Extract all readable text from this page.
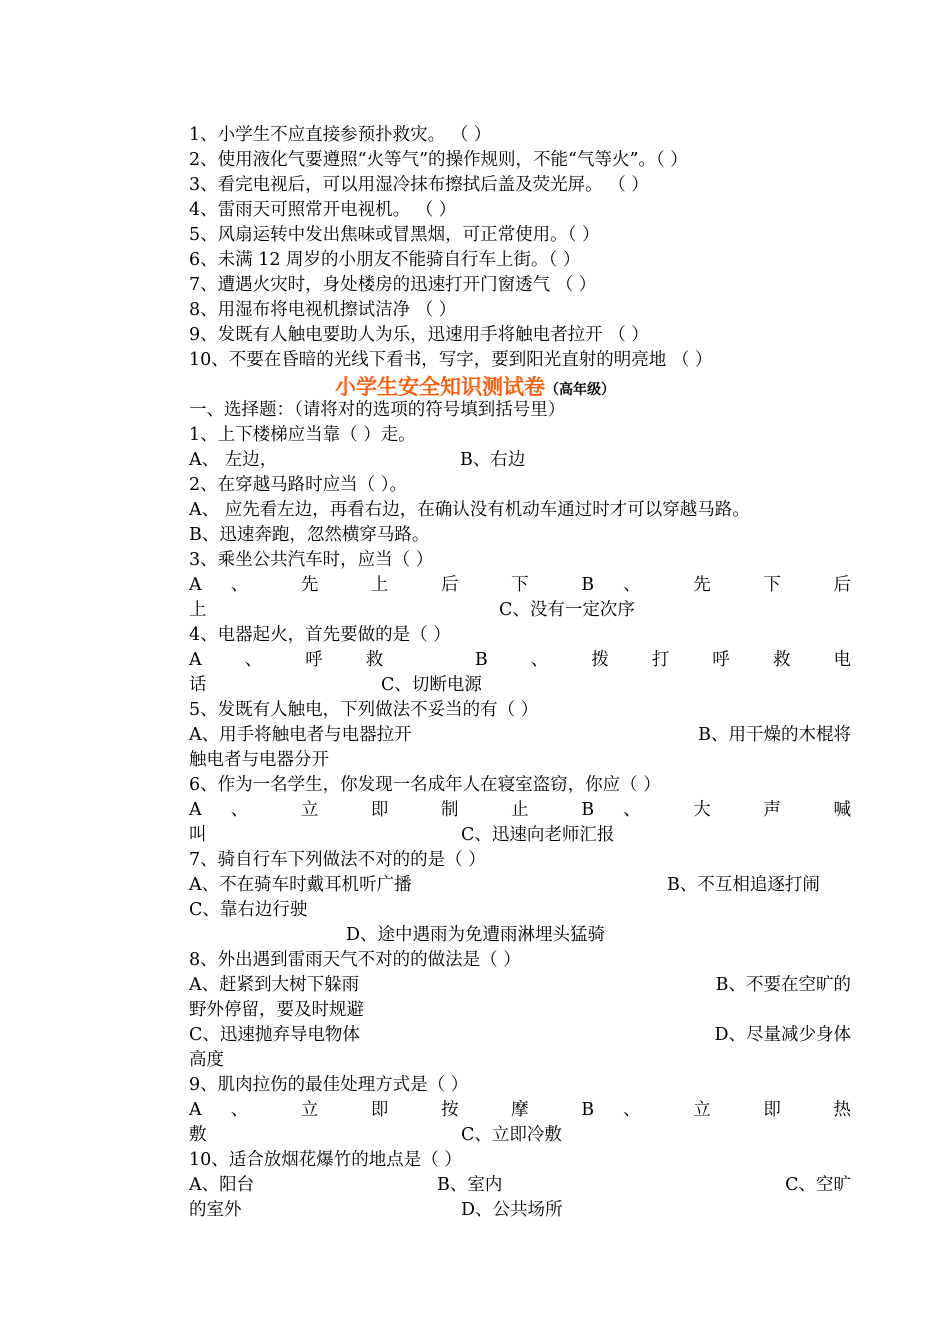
1、小学生不应直接参预扑救灾。 （ ）
2、使用液化气要遵照“火等气”的操作规则，不能“气等火”。（ ）
3、看完电视后，可以用湿冷抹布擦拭后盖及荧光屏。 （ ）
4、雷雨天可照常开电视机。 （ ）
5、风扇运转中发出焦味或冒黑烟，可正常使用。（ ）
6、未满 12 周岁的小朋友不能骑自行车上街。（ ）
7、遭遇火灾时，身处楼房的迅速打开门窗透气 （ ）
8、用湿布将电视机擦试洁净 （ ）
9、发既有人触电要助人为乐，迅速用手将触电者拉开 （ ）
10、不要在昏暗的光线下看书，写字，要到阳光直射的明亮地 （ ）
小学生安全知识测试卷（高年级）
一、选择题：（请将对的选项的符号填到括号里）
1、上下楼梯应当靠（ ）走。
A、 左边，	B、右边
2、在穿越马路时应当（ ）。
A、 应先看左边，再看右边，在确认没有机动车通过时才可以穿越马路。
B、迅速奔跑，忽然横穿马路。
3、乘坐公共汽车时，应当（ ）
A 、 先 上 后 下 B 、 先 下 后
上	C、没有一定次序
4、电器起火，首先要做的是（ ）
A、呼救 B、拨打呼救电
话	C、切断电源
5、发既有人触电，下列做法不妥当的有（ ）
A、用手将触电者与电器拉开	B、用干燥的木棍将
触电者与电器分开
6、作为一名学生，你发现一名成年人在寝室盗窃，你应（ ）
A 、 立 即 制 止 B 、 大 声 喊
叫	C、迅速向老师汇报
7、骑自行车下列做法不对的的是（ ）
A、不在骑车时戴耳机听广播	B、不互相追逐打闹
C、靠右边行驶
D、途中遇雨为免遭雨淋埋头猛骑
8、外出遇到雷雨天气不对的的做法是（ ）
A、赶紧到大树下躲雨	B、不要在空旷的
野外停留，要及时规避
C、迅速抛弃导电物体	D、尽量减少身体
高度
9、肌肉拉伤的最佳处理方式是（ ）
A 、 立 即 按 摩 B 、 立 即 热
敷	C、立即冷敷
10、适合放烟花爆竹的地点是（ ）
A、阳台	B、室内	C、空旷
的室外	D、公共场所
